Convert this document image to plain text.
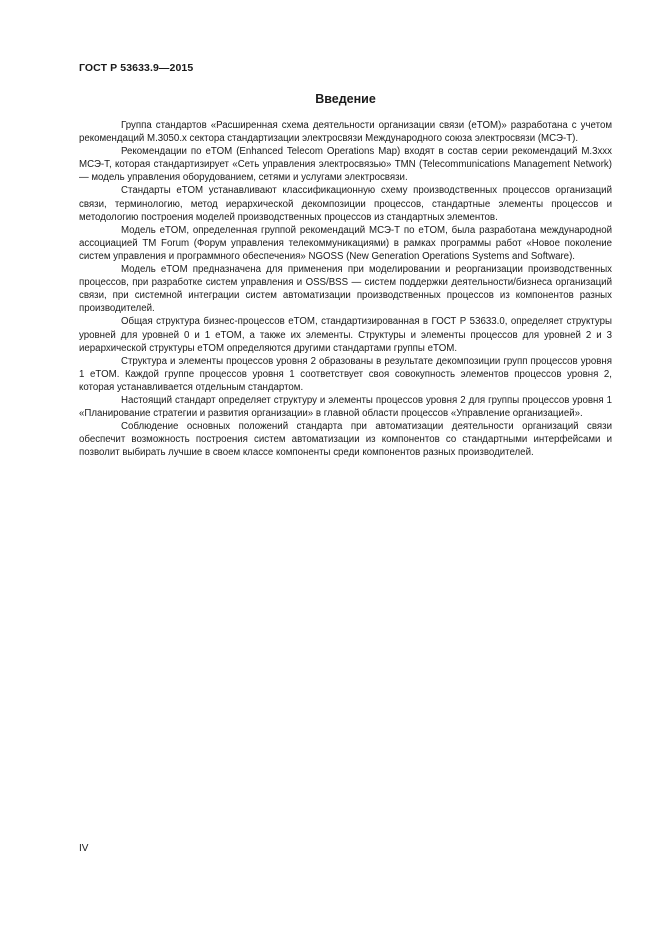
ГОСТ Р 53633.9—2015
Введение

Группа стандартов «Расширенная схема деятельности организации связи (eTOM)» разработана с учетом рекомендаций М.3050.х сектора стандартизации электросвязи Международного союза электросвязи (МСЭ-Т).

Рекомендации по eTOM (Enhanced Telecom Operations Map) входят в состав серии рекомендаций М.3ххх МСЭ-Т, которая стандартизирует «Сеть управления электросвязью» TMN (Telecommunications Management Network) — модель управления оборудованием, сетями и услугами электросвязи.

Стандарты eTOM устанавливают классификационную схему производственных процессов организаций связи, терминологию, метод иерархической декомпозиции процессов, стандартные элементы процессов и методологию построения моделей производственных процессов из стандартных элементов.

Модель eTOM, определенная группой рекомендаций МСЭ-Т по eTOM, была разработана международной ассоциацией TM Forum (Форум управления телекоммуникациями) в рамках программы работ «Новое поколение систем управления и программного обеспечения» NGOSS (New Generation Operations Systems and Software).

Модель eTOM предназначена для применения при моделировании и реорганизации производственных процессов, при разработке систем управления и OSS/BSS — систем поддержки деятельности/бизнеса организаций связи, при системной интеграции систем автоматизации производственных процессов из компонентов разных производителей.

Общая структура бизнес-процессов eTOM, стандартизированная в ГОСТ Р 53633.0, определяет структуры уровней для уровней 0 и 1 eTOM, а также их элементы. Структуры и элементы процессов для уровней 2 и 3 иерархической структуры eTOM определяются другими стандартами группы eTOM.

Структура и элементы процессов уровня 2 образованы в результате декомпозиции групп процессов уровня 1 eTOM. Каждой группе процессов уровня 1 соответствует своя совокупность элементов процессов уровня 2, которая устанавливается отдельным стандартом.

Настоящий стандарт определяет структуру и элементы процессов уровня 2 для группы процессов уровня 1 «Планирование стратегии и развития организации» в главной области процессов «Управление организацией».

Соблюдение основных положений стандарта при автоматизации деятельности организаций связи обеспечит возможность построения систем автоматизации из компонентов со стандартными интерфейсами и позволит выбирать лучшие в своем классе компоненты среди компонентов разных производителей.

IV
